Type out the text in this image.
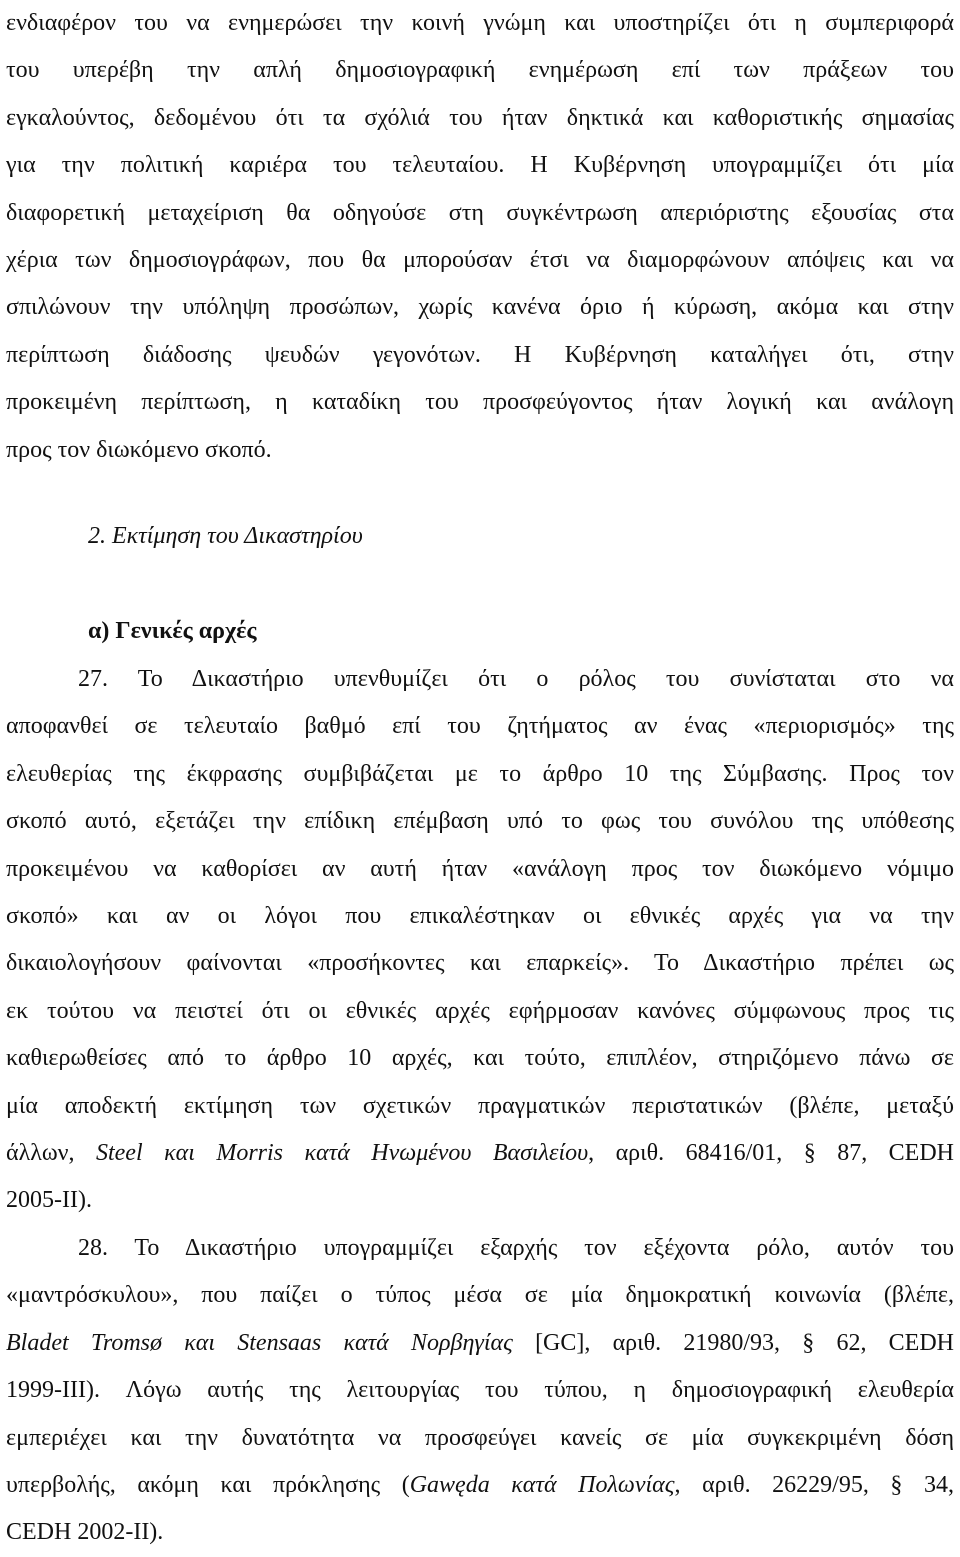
ενδιαφέρον του να ενημερώσει την κοινή γνώμη και υποστηρίζει ότι η συμπεριφορά
του υπερέβη την απλή δημοσιογραφική ενημέρωση επί των πράξεων του
εγκαλούντος, δεδομένου ότι τα σχόλιά του ήταν δηκτικά και καθοριστικής σημασίας
για την πολιτική καριέρα του τελευταίου. Η Κυβέρνηση υπογραμμίζει ότι μία
διαφορετική μεταχείριση θα οδηγούσε στη συγκέντρωση απεριόριστης εξουσίας στα
χέρια των δημοσιογράφων, που θα μπορούσαν έτσι να διαμορφώνουν απόψεις και να
σπιλώνουν την υπόληψη προσώπων, χωρίς κανένα όριο ή κύρωση, ακόμα και στην
περίπτωση διάδοσης ψευδών γεγονότων. Η Κυβέρνηση καταλήγει ότι, στην
προκειμένη περίπτωση, η καταδίκη του προσφεύγοντος ήταν λογική και ανάλογη
προς τον διωκόμενο σκοπό.
2. Εκτίμηση του Δικαστηρίου
α) Γενικές αρχές
27. Το Δικαστήριο υπενθυμίζει ότι ο ρόλος του συνίσταται στο να
αποφανθεί σε τελευταίο βαθμό επί του ζητήματος αν ένας «περιορισμός» της
ελευθερίας της έκφρασης συμβιβάζεται με το άρθρο 10 της Σύμβασης. Προς τον
σκοπό αυτό, εξετάζει την επίδικη επέμβαση υπό το φως του συνόλου της υπόθεσης
προκειμένου να καθορίσει αν αυτή ήταν «ανάλογη προς τον διωκόμενο νόμιμο
σκοπό» και αν οι λόγοι που επικαλέστηκαν οι εθνικές αρχές για να την
δικαιολογήσουν φαίνονται «προσήκοντες και επαρκείς». Το Δικαστήριο πρέπει ως
εκ τούτου να πειστεί ότι οι εθνικές αρχές εφήρμοσαν κανόνες σύμφωνους προς τις
καθιερωθείσες από το άρθρο 10 αρχές, και τούτο, επιπλέον, στηριζόμενο πάνω σε
μία αποδεκτή εκτίμηση των σχετικών πραγματικών περιστατικών (βλέπε, μεταξύ
άλλων, Steel και Morris κατά Ηνωμένου Βασιλείου, αριθ. 68416/01, § 87, CEDH
2005-II).
28. Το Δικαστήριο υπογραμμίζει εξαρχής τον εξέχοντα ρόλο, αυτόν του
«μαντρόσκυλου», που παίζει ο τύπος μέσα σε μία δημοκρατική κοινωνία (βλέπε,
Bladet Tromsø και Stensaas κατά Νορβηγίας [GC], αριθ. 21980/93, § 62, CEDH
1999-III). Λόγω αυτής της λειτουργίας του τύπου, η δημοσιογραφική ελευθερία
εμπεριέχει και την δυνατότητα να προσφεύγει κανείς σε μία συγκεκριμένη δόση
υπερβολής, ακόμη και πρόκλησης (Gawęda κατά Πολωνίας, αριθ. 26229/95, § 34,
CEDH 2002-II).
